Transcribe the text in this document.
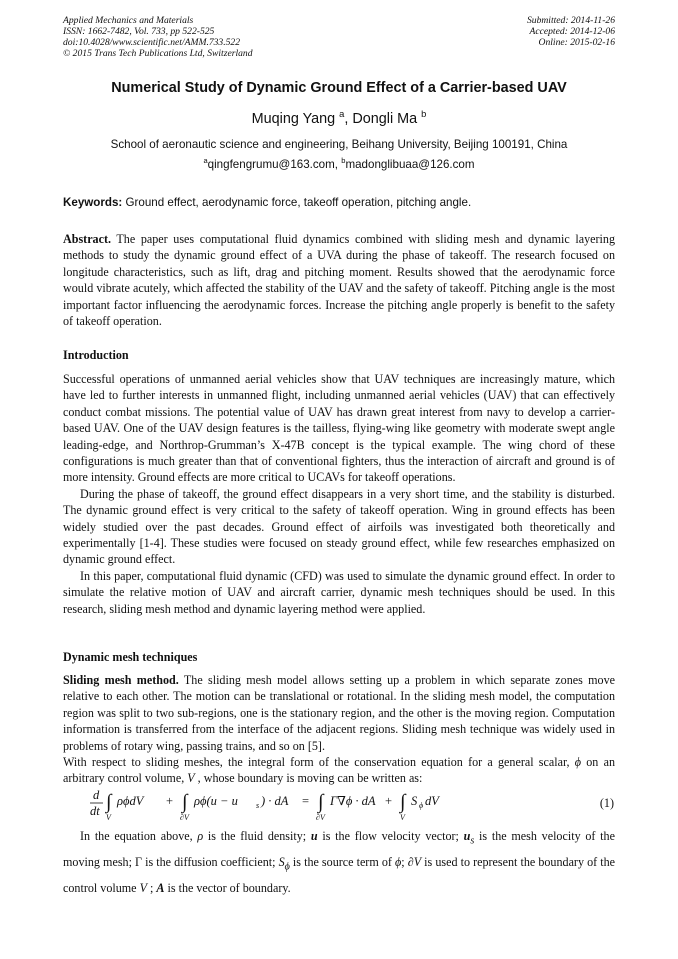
Applied Mechanics and Materials
ISSN: 1662-7482, Vol. 733, pp 522-525
doi:10.4028/www.scientific.net/AMM.733.522
© 2015 Trans Tech Publications Ltd, Switzerland
Submitted: 2014-11-26
Accepted: 2014-12-06
Online: 2015-02-16
Numerical Study of Dynamic Ground Effect of a Carrier-based UAV
Muqing Yang $^a$, Dongli Ma $^b$
School of aeronautic science and engineering, Beihang University, Beijing 100191, China
$^a$qingfengrumu@163.com, $^b$madonglibuaa@126.com
Keywords: Ground effect, aerodynamic force, takeoff operation, pitching angle.
Abstract. The paper uses computational fluid dynamics combined with sliding mesh and dynamic layering methods to study the dynamic ground effect of a UVA during the phase of takeoff. The research focused on longitude characteristics, such as lift, drag and pitching moment. Results showed that the aerodynamic force would vibrate acutely, which affected the stability of the UAV and the safety of takeoff. Pitching angle is the most important factor influencing the aerodynamic forces. Increase the pitching angle properly is benefit to the safety of takeoff operation.
Introduction

Successful operations of unmanned aerial vehicles show that UAV techniques are increasingly mature, which have led to further interests in unmanned flight, including unmanned aerial vehicles (UAV) that can effectively conduct combat missions. The potential value of UAV has drawn great interest from navy to develop a carrier-based UAV. One of the UAV design features is the tailless, flying-wing like geometry with moderate swept angle leading-edge, and Northrop-Grumman’s X-47B concept is the typical example. The wing chord of these configurations is much greater than that of conventional fighters, thus the interaction of aircraft and ground is of more intensity. Ground effects are more critical to UCAVs for takeoff operations.

During the phase of takeoff, the ground effect disappears in a very short time, and the stability is disturbed. The dynamic ground effect is very critical to the safety of takeoff operation. Wing in ground effects has been widely studied over the past decades. Ground effect of airfoils was investigated both theoretically and experimentally [1-4]. These studies were focused on steady ground effect, while few researches emphasized on dynamic ground effect.

In this paper, computational fluid dynamic (CFD) was used to simulate the dynamic ground effect. In order to simulate the relative motion of UAV and aircraft carrier, dynamic mesh techniques should be used. In this research, sliding mesh method and dynamic layering method were applied.

Dynamic mesh techniques

Sliding mesh method. The sliding mesh model allows setting up a problem in which separate zones move relative to each other. The motion can be translational or rotational. In the sliding mesh model, the computation region was split to two sub-regions, one is the stationary region, and the other is the moving region. Computation information is transferred from the interface of the adjacent regions. Sliding mesh technique was widely used in problems of rotary wing, passing trains, and so on [5].

With respect to sliding meshes, the integral form of the conservation equation for a general scalar, ϕ on an arbitrary control volume, V , whose boundary is moving can be written as:

d
dt ∫
V
ρϕdV + ∫
∂V
ρϕ(u − u s ) · dA = ∫
∂V
Γ∇ϕ · dA + ∫
V
S ϕ dV	(1)

In the equation above, ρ is the fluid density; u is the flow velocity vector; $u_s$ is the mesh velocity of the moving mesh; Γ is the diffusion coefficient; $S_\phi$ is the source term of ϕ; ∂V is used to represent the boundary of the control volume V ; A is the vector of boundary.
